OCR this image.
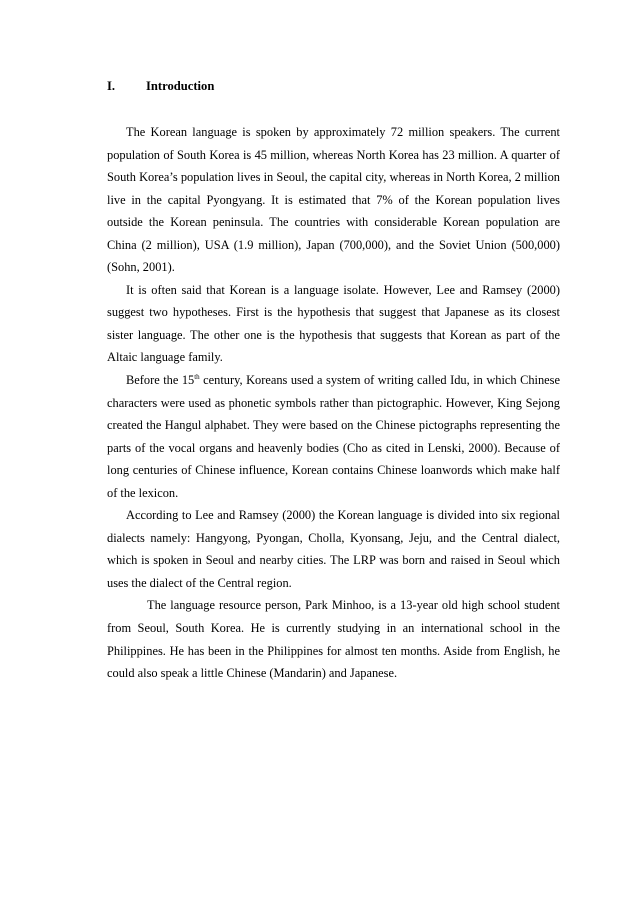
I. Introduction

The Korean language is spoken by approximately 72 million speakers. The current population of South Korea is 45 million, whereas North Korea has 23 million. A quarter of South Korea’s population lives in Seoul, the capital city, whereas in North Korea, 2 million live in the capital Pyongyang. It is estimated that 7% of the Korean population lives outside the Korean peninsula. The countries with considerable Korean population are China (2 million), USA (1.9 million), Japan (700,000), and the Soviet Union (500,000) (Sohn, 2001).

It is often said that Korean is a language isolate. However, Lee and Ramsey (2000) suggest two hypotheses. First is the hypothesis that suggest that Japanese as its closest sister language. The other one is the hypothesis that suggests that Korean as part of the Altaic language family.

Before the 15th century, Koreans used a system of writing called Idu, in which Chinese characters were used as phonetic symbols rather than pictographic. However, King Sejong created the Hangul alphabet. They were based on the Chinese pictographs representing the parts of the vocal organs and heavenly bodies (Cho as cited in Lenski, 2000). Because of long centuries of Chinese influence, Korean contains Chinese loanwords which make half of the lexicon.

According to Lee and Ramsey (2000) the Korean language is divided into six regional dialects namely: Hangyong, Pyongan, Cholla, Kyonsang, Jeju, and the Central dialect, which is spoken in Seoul and nearby cities. The LRP was born and raised in Seoul which uses the dialect of the Central region.

The language resource person, Park Minhoo, is a 13-year old high school student from Seoul, South Korea. He is currently studying in an international school in the Philippines. He has been in the Philippines for almost ten months. Aside from English, he could also speak a little Chinese (Mandarin) and Japanese.
